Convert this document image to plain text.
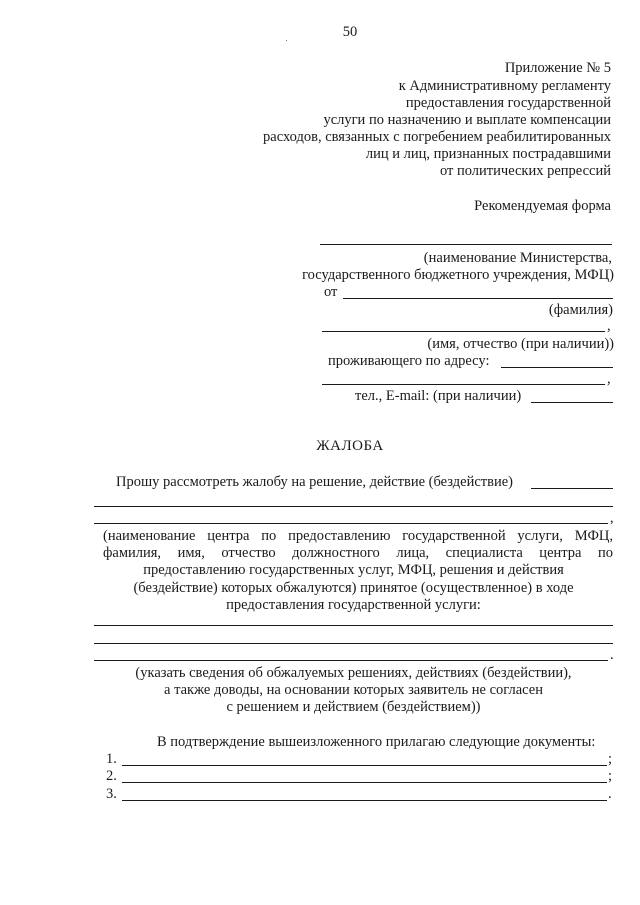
50
Приложение № 5
к Административному регламенту
предоставления государственной
услуги по назначению и выплате компенсации
расходов, связанных с погребением реабилитированных
лиц и лиц, признанных пострадавшими
от политических репрессий
Рекомендуемая форма
(наименование Министерства,
государственного бюджетного учреждения, МФЦ)
от
(фамилия)
,
(имя, отчество (при наличии))
проживающего по адресу:
,
тел., E-mail: (при наличии)
ЖАЛОБА
Прошу рассмотреть жалобу на решение, действие (бездействие)
,
(наименование центра по предоставлению государственной услуги, МФЦ,
фамилия, имя, отчество должностного лица, специалиста центра по
предоставлению государственных услуг, МФЦ, решения и действия
(бездействие) которых обжалуются) принятое (осуществленное) в ходе
предоставления государственной услуги:
.
(указать сведения об обжалуемых решениях, действиях (бездействии),
а также доводы, на основании которых заявитель не согласен
с решением и действием (бездействием))
В подтверждение вышеизложенного прилагаю следующие документы:
1.	;
2.	;
3.	.
